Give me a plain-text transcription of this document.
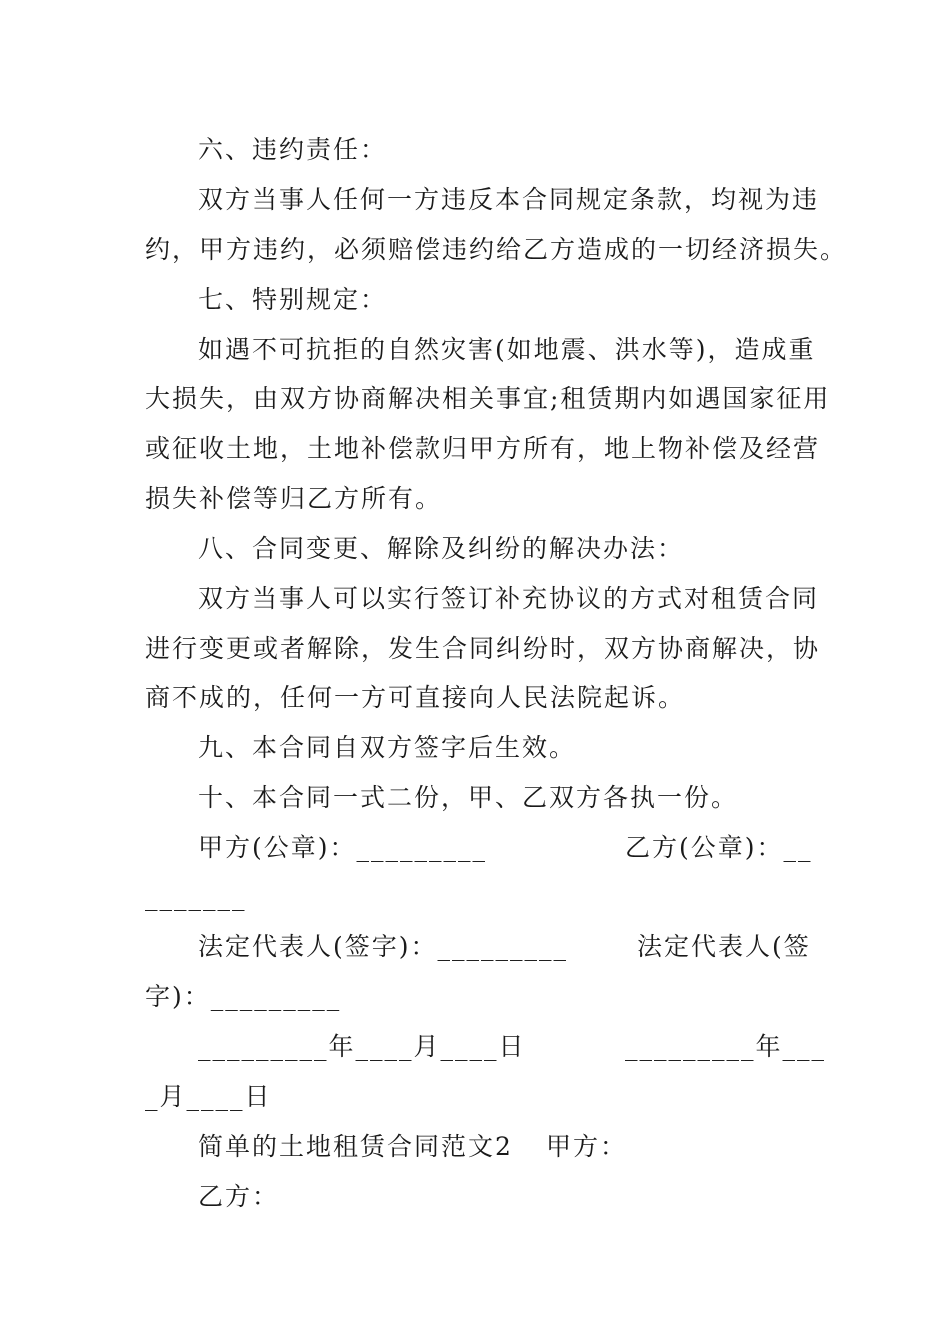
六、违约责任：
双方当事人任何一方违反本合同规定条款，均视为违
约，甲方违约，必须赔偿违约给乙方造成的一切经济损失。
七、特别规定：
如遇不可抗拒的自然灾害(如地震、洪水等)，造成重
大损失，由双方协商解决相关事宜;租赁期内如遇国家征用
或征收土地，土地补偿款归甲方所有，地上物补偿及经营
损失补偿等归乙方所有。
八、合同变更、解除及纠纷的解决办法：
双方当事人可以实行签订补充协议的方式对租赁合同
进行变更或者解除，发生合同纠纷时，双方协商解决，协
商不成的，任何一方可直接向人民法院起诉。
九、本合同自双方签字后生效。
十、本合同一式二份，甲、乙双方各执一份。
甲方(公章)：_________	乙方(公章)：__
_______
法定代表人(签字)：_________	法定代表人(签
字)：_________
_________年____月____日	_________年___
_月____日
简单的土地租赁合同范文2 甲方：
乙方：
